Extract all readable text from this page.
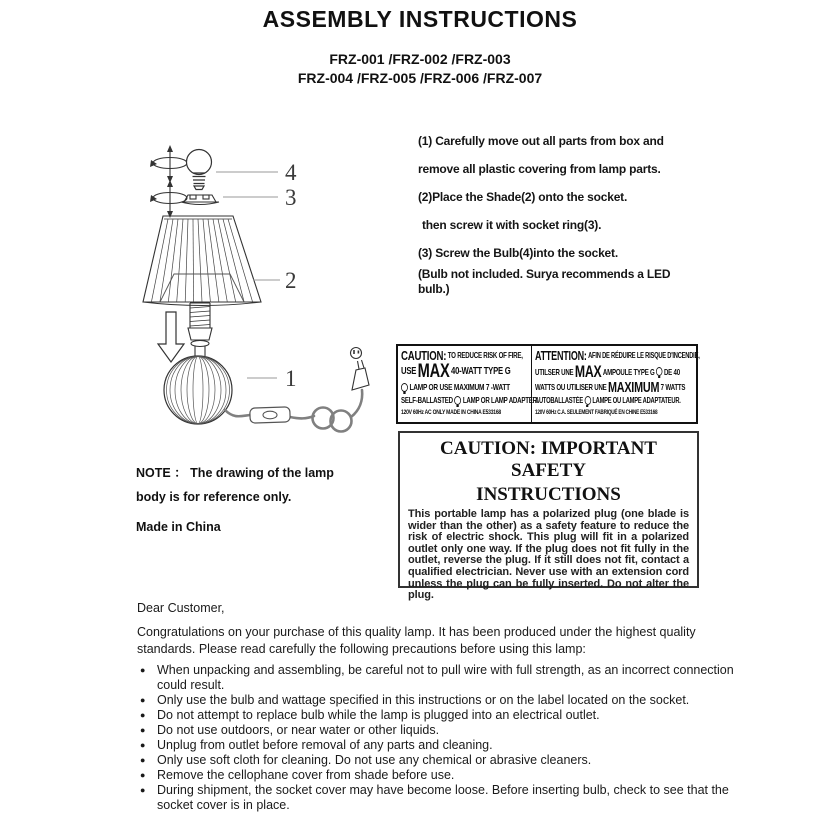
ASSEMBLY INSTRUCTIONS
FRZ-001 /FRZ-002 /FRZ-003
FRZ-004 /FRZ-005 /FRZ-006 /FRZ-007
4
3
2
1
(1) Carefully move out all parts from box and
remove all plastic covering from lamp parts.
(2)Place the Shade(2) onto the socket.
then screw it with socket ring(3).
(3) Screw the Bulb(4)into the socket.
(Bulb not included. Surya recommends a LED
bulb.)
CAUTION: TO REDUCE RISK OF FIRE,
USE MAX 40-WATT TYPE G
LAMP OR USE MAXIMUM 7 -WATT
SELF-BALLASTED LAMP OR LAMP ADAPTER.
120V 60Hz AC ONLY MADE IN CHINA E533168
ATTENTION: AFIN DE RÉDUIRE LE RISQUE D'INCENDIE,
UTILSER UNE MAX AMPOULE TYPE G DE 40
WATTS OU UTILISER UNE MAXIMUM 7 WATTS
AUTOBALLASTÉE LAMPE OU LAMPE ADAPTATEUR.
120V 60Hz C.A. SEULEMENT FABRIQUÉ EN CHINE E533168
CAUTION: IMPORTANT SAFETY
INSTRUCTIONS

This portable lamp has a polarized plug (one blade is wider than the other) as a safety feature to reduce the risk of electric shock. This plug will fit in a polarized outlet only one way. If the plug does not fit fully in the outlet, reverse the plug. If it still does not fit, contact a qualified electrician. Never use with an extension cord unless the plug can be fully inserted. Do not alter the plug.

NOTE ： The drawing of the lamp
body is for reference only.
Made in China
Dear Customer,
Congratulations on your purchase of this quality lamp. It has been produced under the highest quality standards. Please read carefully the following precautions before using this lamp:
● When unpacking and assembling, be careful not to pull wire with full strength, as an incorrect connection could result.
● Only use the bulb and wattage specified in this instructions or on the label located on the socket.
● Do not attempt to replace bulb while the lamp is plugged into an electrical outlet.
● Do not use outdoors, or near water or other liquids.
● Unplug from outlet before removal of any parts and cleaning.
● Only use soft cloth for cleaning. Do not use any chemical or abrasive cleaners.
● Remove the cellophane cover from shade before use.
● During shipment, the socket cover may have become loose. Before inserting bulb, check to see that the socket cover is in place.
